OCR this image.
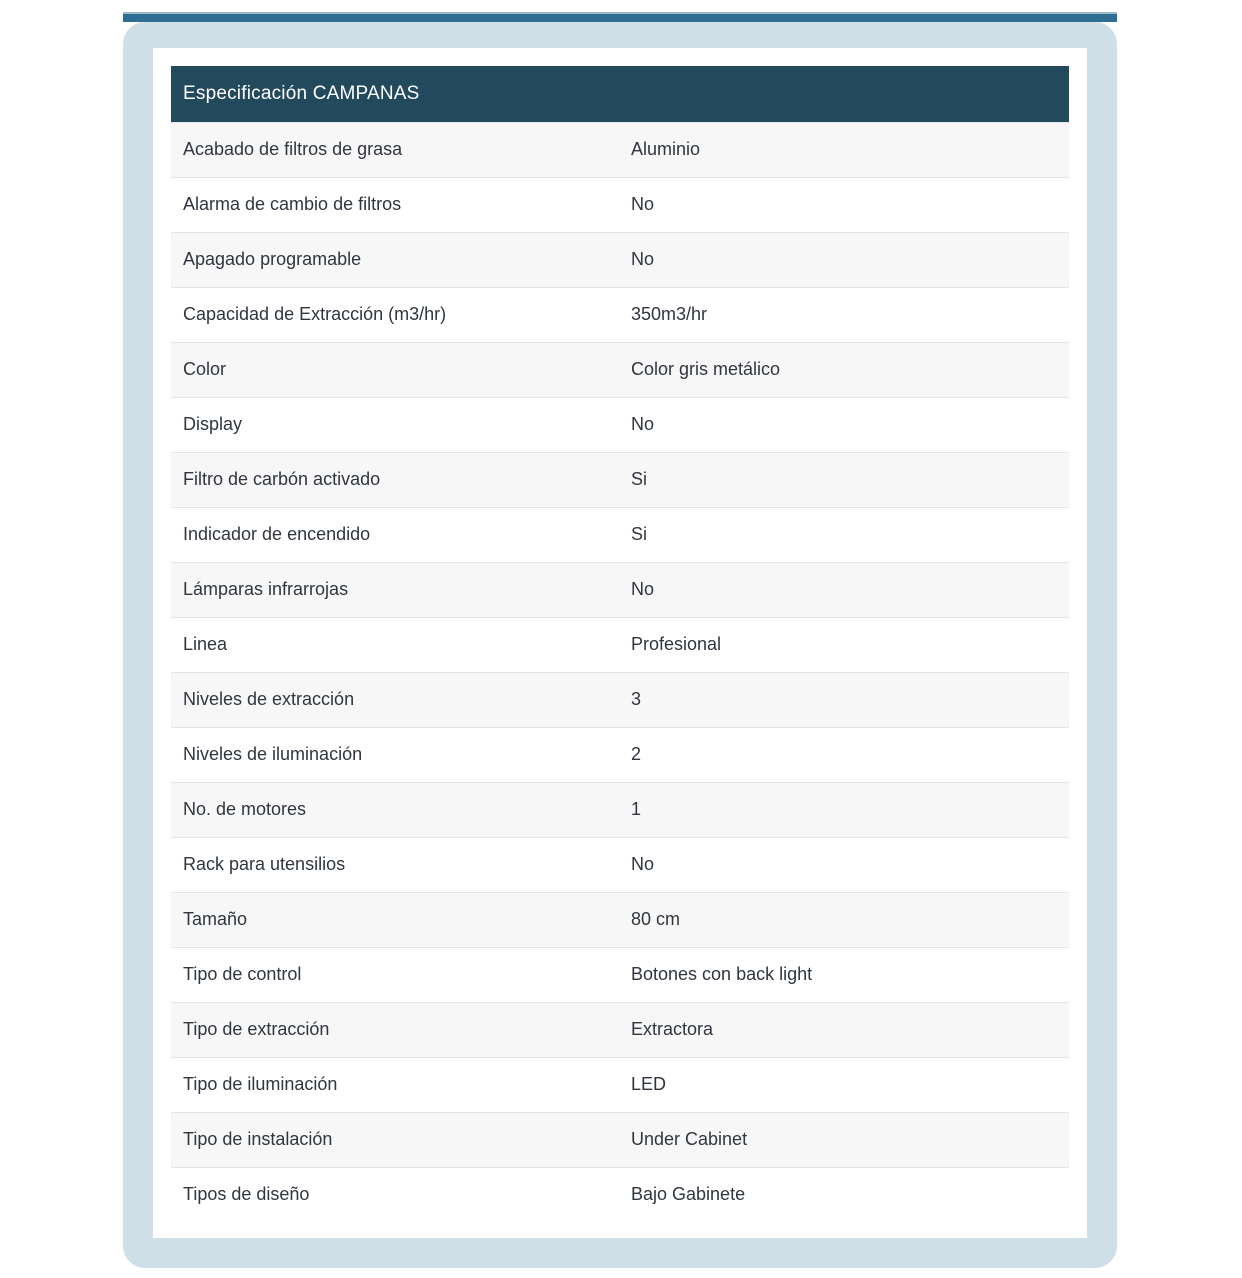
Especificación CAMPANAS	
Acabado de filtros de grasa	Aluminio
Alarma de cambio de filtros	No
Apagado programable	No
Capacidad de Extracción (m3/hr)	350m3/hr
Color	Color gris metálico
Display	No
Filtro de carbón activado	Si
Indicador de encendido	Si
Lámparas infrarrojas	No
Linea	Profesional
Niveles de extracción	3
Niveles de iluminación	2
No. de motores	1
Rack para utensilios	No
Tamaño	80 cm
Tipo de control	Botones con back light
Tipo de extracción	Extractora
Tipo de iluminación	LED
Tipo de instalación	Under Cabinet
Tipos de diseño	Bajo Gabinete
